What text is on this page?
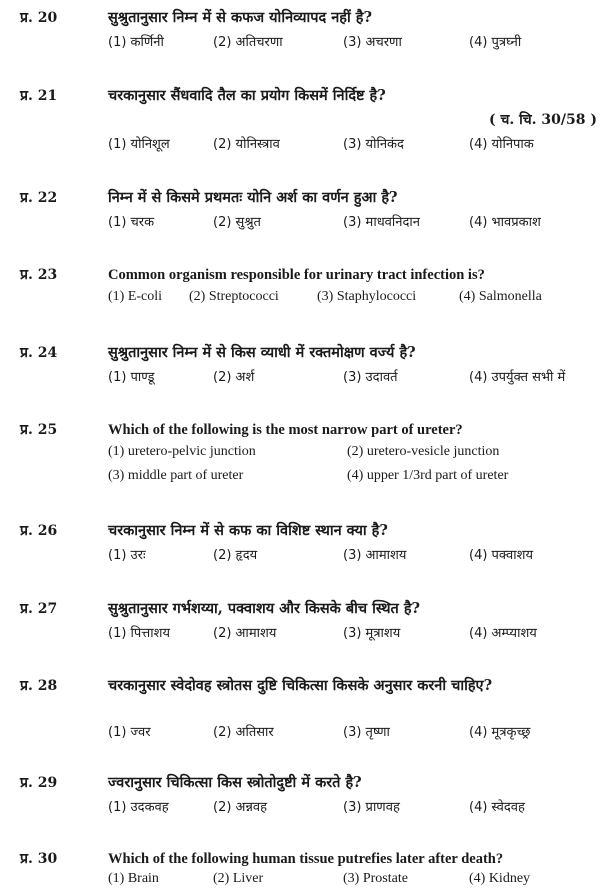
प्र. 20	सुश्रुतानुसार निम्न में से कफज योनिव्यापद नहीं है?
(1) कर्णिनी	(2) अतिचरणा	(3) अचरणा	(4) पुत्रघ्नी
प्र. 21	चरकानुसार सैंधवादि तैल का प्रयोग किसमें निर्दिष्ट है?
( च. चि. 30/58 )
(1) योनिशूल	(2) योनिस्त्राव	(3) योनिकंद	(4) योनिपाक
प्र. 22	निम्न में से किसमे प्रथमतः योनि अर्श का वर्णन हुआ है?
(1) चरक	(2) सुश्रुत	(3) माधवनिदान	(4) भावप्रकाश
प्र. 23	Common organism responsible for urinary tract infection is?
(1) E-coli (2) Streptococci	(3) Staphylococci	(4) Salmonella
प्र. 24	सुश्रुतानुसार निम्न में से किस व्याधी में रक्तमोक्षण वर्ज्य है?
(1) पाण्डू	(2) अर्श	(3) उदावर्त	(4) उपर्युक्त सभी में
प्र. 25	Which of the following is the most narrow part of ureter?
(1) uretero-pelvic junction	(2) uretero-vesicle junction
(3) middle part of ureter	(4) upper 1/3rd part of ureter
प्र. 26	चरकानुसार निम्न में से कफ का विशिष्ट स्थान क्या है?
(1) उरः	(2) हृदय	(3) आमाशय	(4) पक्वाशय
प्र. 27	सुश्रुतानुसार गर्भशय्या, पक्वाशय और किसके बीच स्थित है?
(1) पित्ताशय	(2) आमाशय	(3) मूत्राशय	(4) अम्प्याशय
प्र. 28	चरकानुसार स्वेदोवह स्त्रोतस दुष्टि चिकित्सा किसके अनुसार करनी चाहिए?
(1) ज्वर	(2) अतिसार	(3) तृष्णा	(4) मूत्रकृच्छ्र
प्र. 29	ज्वरानुसार चिकित्सा किस स्त्रोतोदुष्टी में करते है?
(1) उदकवह	(2) अन्नवह	(3) प्राणवह	(4) स्वेदवह
प्र. 30	Which of the following human tissue putrefies later after death?
(1) Brain	(2) Liver	(3) Prostate	(4) Kidney
